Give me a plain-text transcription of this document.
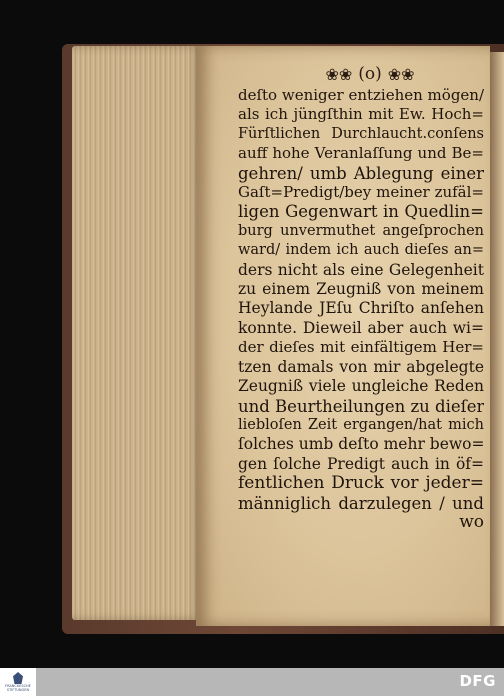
❀❀ (o) ❀❀
deſto weniger entziehen mögen/
als ich jüngſthin mit Ew. Hoch=
Fürſtlichen Durchlaucht.conſens
auff hohe Veranlaſſung und Be=
gehren/ umb Ablegung einer
Gaſt=Predigt/bey meiner zufäl=
ligen Gegenwart in Quedlin=
burg unvermuthet angeſprochen
ward/ indem ich auch dieſes an=
ders nicht als eine Gelegenheit
zu einem Zeugniß von meinem
Heylande JEſu Chriſto anſehen
konnte. Dieweil aber auch wi=
der dieſes mit einfältigem Her=
tzen damals von mir abgelegte
Zeugniß viele ungleiche Reden
und Beurtheilungen zu dieſer
liebloſen Zeit ergangen/hat mich
ſolches umb deſto mehr bewo=
gen ſolche Predigt auch in öf=
fentlichen Druck vor jeder=
männiglich darzulegen / und
wo
FRANCKESCHE STIFTUNGEN	DFG
